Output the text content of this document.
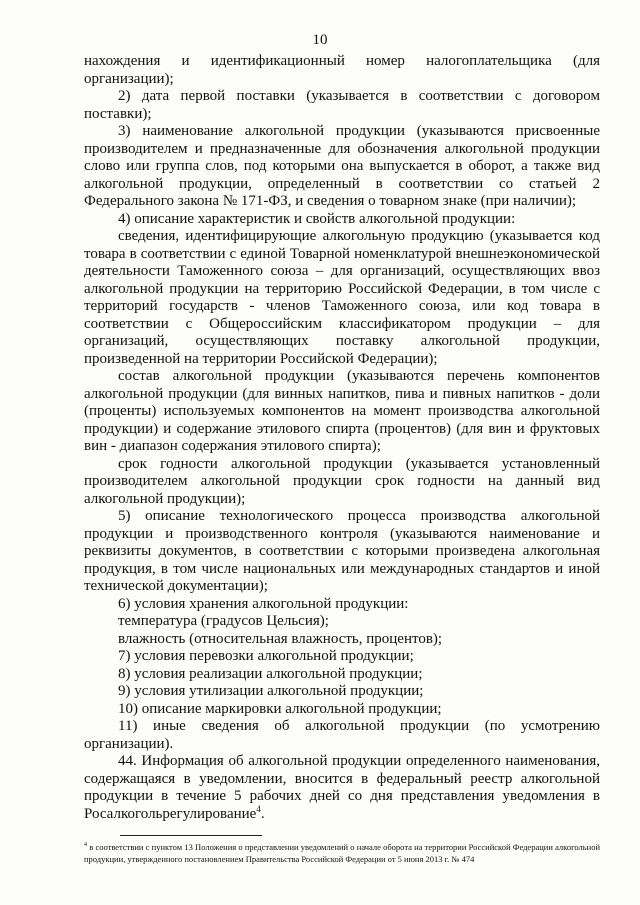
10

нахождения и идентификационный номер налогоплательщика (для организации);

2) дата первой поставки (указывается в соответствии с договором поставки);

3) наименование алкогольной продукции (указываются присвоенные производителем и предназначенные для обозначения алкогольной продукции слово или группа слов, под которыми она выпускается в оборот, а также вид алкогольной продукции, определенный в соответствии со статьей 2 Федерального закона № 171-ФЗ, и сведения о товарном знаке (при наличии);

4) описание характеристик и свойств алкогольной продукции:

сведения, идентифицирующие алкогольную продукцию (указывается код товара в соответствии с единой Товарной номенклатурой внешнеэкономической деятельности Таможенного союза – для организаций, осуществляющих ввоз алкогольной продукции на территорию Российской Федерации, в том числе с территорий государств - членов Таможенного союза, или код товара в соответствии с Общероссийским классификатором продукции – для организаций, осуществляющих поставку алкогольной продукции, произведенной на территории Российской Федерации);

состав алкогольной продукции (указываются перечень компонентов алкогольной продукции (для винных напитков, пива и пивных напитков - доли (проценты) используемых компонентов на момент производства алкогольной продукции) и содержание этилового спирта (процентов) (для вин и фруктовых вин - диапазон содержания этилового спирта);

срок годности алкогольной продукции (указывается установленный производителем алкогольной продукции срок годности на данный вид алкогольной продукции);

5) описание технологического процесса производства алкогольной продукции и производственного контроля (указываются наименование и реквизиты документов, в соответствии с которыми произведена алкогольная продукция, в том числе национальных или международных стандартов и иной технической документации);

6) условия хранения алкогольной продукции:

температура (градусов Цельсия);

влажность (относительная влажность, процентов);

7) условия перевозки алкогольной продукции;

8) условия реализации алкогольной продукции;

9) условия утилизации алкогольной продукции;

10) описание маркировки алкогольной продукции;

11) иные сведения об алкогольной продукции (по усмотрению организации).

44. Информация об алкогольной продукции определенного наименования, содержащаяся в уведомлении, вносится в федеральный реестр алкогольной продукции в течение 5 рабочих дней со дня представления уведомления в Росалкогольрегулирование$^4$.

$^4$ в соответствии с пунктом 13 Положения о представлении уведомлений о начале оборота на территории Российской Федерации алкогольной продукции, утвержденного постановлением Правительства Российской Федерации от 5 июня 2013 г. № 474
